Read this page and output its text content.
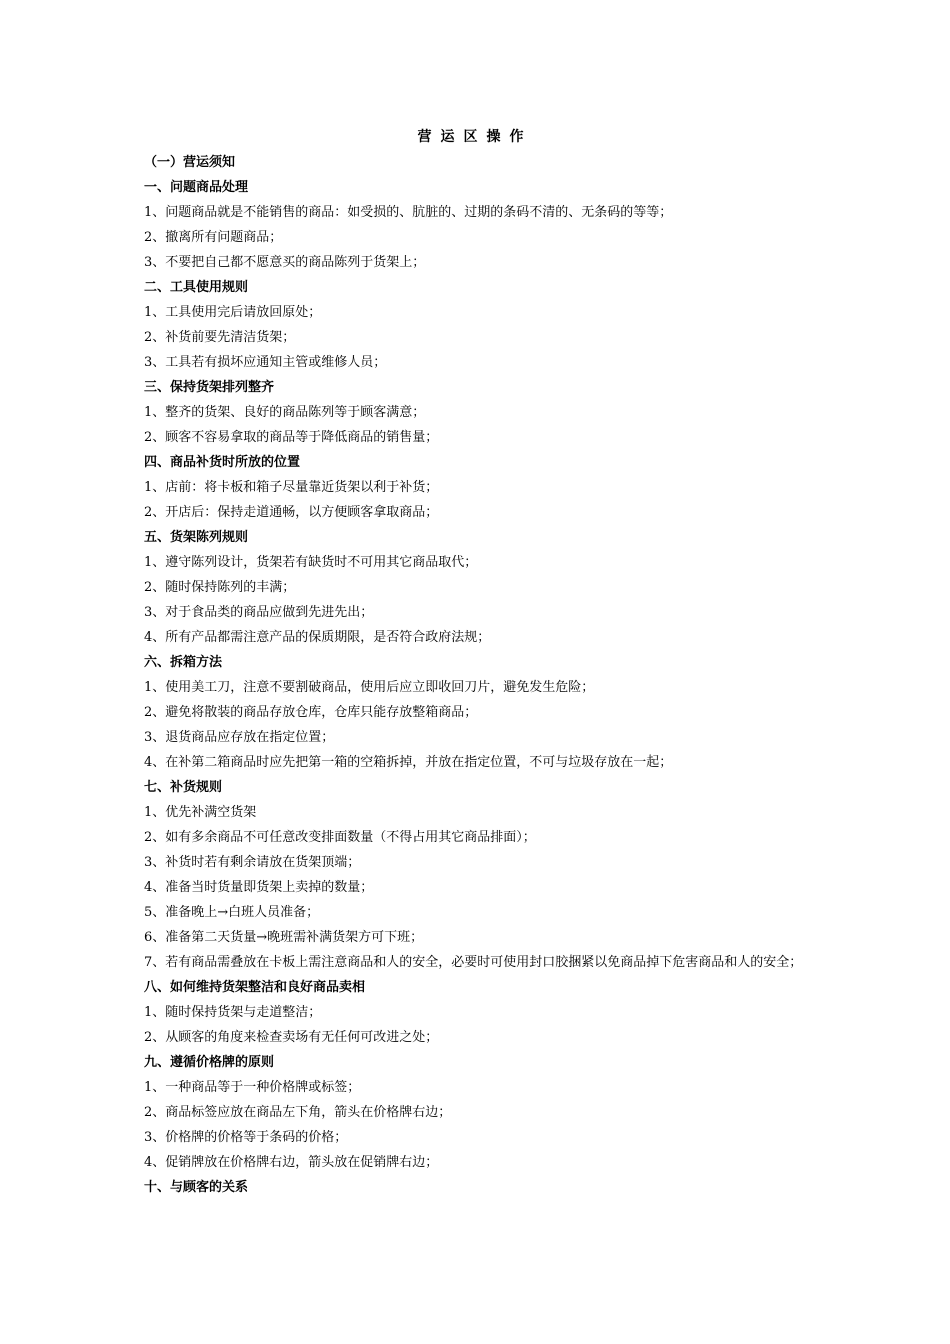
营运区操作
（一）营运须知
一、问题商品处理
1、问题商品就是不能销售的商品：如受损的、肮脏的、过期的条码不清的、无条码的等等；
2、撤离所有问题商品；
3、不要把自己都不愿意买的商品陈列于货架上；
二、工具使用规则
1、工具使用完后请放回原处；
2、补货前要先清洁货架；
3、工具若有损坏应通知主管或维修人员；
三、保持货架排列整齐
1、整齐的货架、良好的商品陈列等于顾客满意；
2、顾客不容易拿取的商品等于降低商品的销售量；
四、商品补货时所放的位置
1、店前：将卡板和箱子尽量靠近货架以利于补货；
2、开店后：保持走道通畅，以方便顾客拿取商品；
五、货架陈列规则
1、遵守陈列设计，货架若有缺货时不可用其它商品取代；
2、随时保持陈列的丰满；
3、对于食品类的商品应做到先进先出；
4、所有产品都需注意产品的保质期限，是否符合政府法规；
六、拆箱方法
1、使用美工刀，注意不要割破商品，使用后应立即收回刀片，避免发生危险；
2、避免将散装的商品存放仓库，仓库只能存放整箱商品；
3、退货商品应存放在指定位置；
4、在补第二箱商品时应先把第一箱的空箱拆掉，并放在指定位置，不可与垃圾存放在一起；
七、补货规则
1、优先补满空货架
2、如有多余商品不可任意改变排面数量（不得占用其它商品排面）；
3、补货时若有剩余请放在货架顶端；
4、准备当时货量即货架上卖掉的数量；
5、准备晚上→白班人员准备；
6、准备第二天货量→晚班需补满货架方可下班；
7、若有商品需叠放在卡板上需注意商品和人的安全，必要时可使用封口胶捆紧以免商品掉下危害商品和人的安全；
八、如何维持货架整洁和良好商品卖相
1、随时保持货架与走道整洁；
2、从顾客的角度来检查卖场有无任何可改进之处；
九、遵循价格牌的原则
1、一种商品等于一种价格牌或标签；
2、商品标签应放在商品左下角，箭头在价格牌右边；
3、价格牌的价格等于条码的价格；
4、促销牌放在价格牌右边，箭头放在促销牌右边；
十、与顾客的关系
